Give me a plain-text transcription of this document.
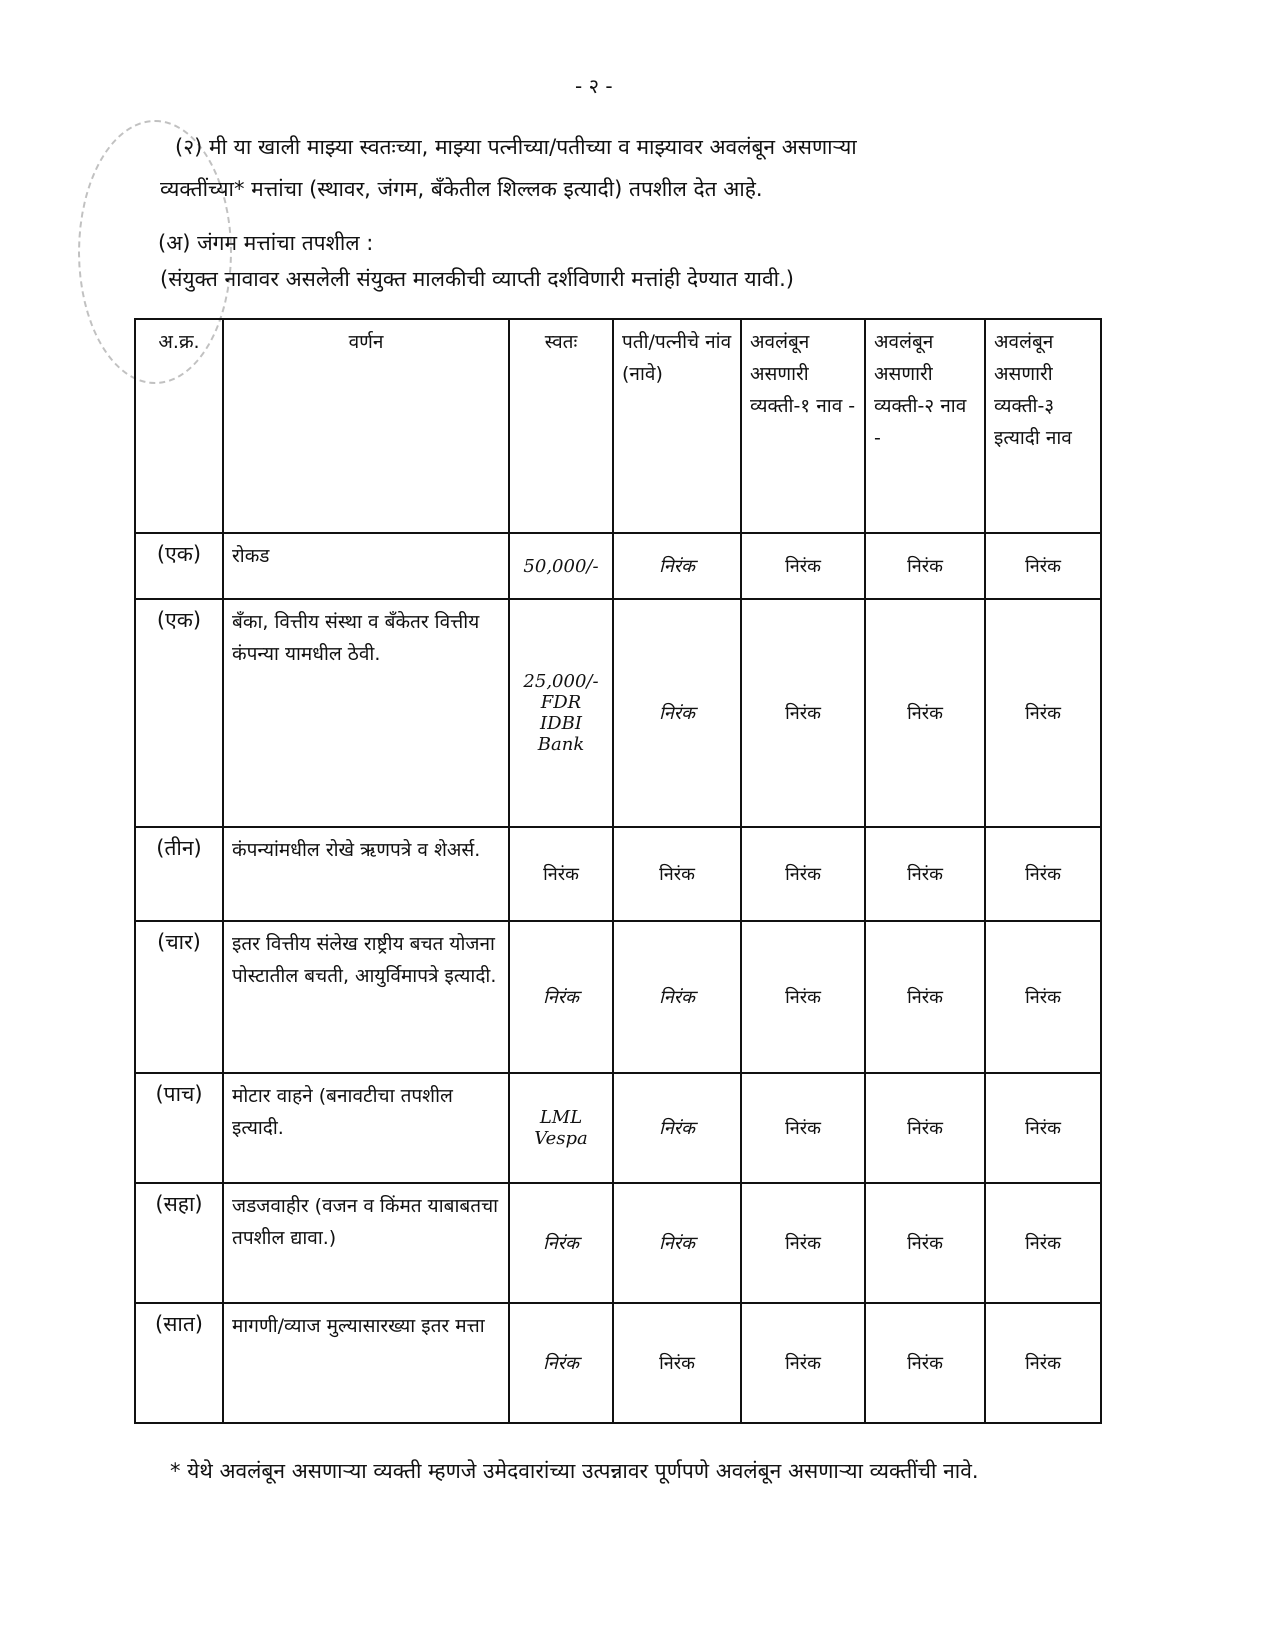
- २ -
(२) मी या खाली माझ्या स्वतःच्या, माझ्या पत्नीच्या/पतीच्या व माझ्यावर अवलंबून असणाऱ्या
व्यक्तींच्या* मत्तांचा (स्थावर, जंगम, बँकेतील शिल्लक इत्यादी) तपशील देत आहे.
(अ) जंगम मत्तांचा तपशील :
(संयुक्त नावावर असलेली संयुक्त मालकीची व्याप्ती दर्शविणारी मत्तांही देण्यात यावी.)
अ.क्र.	वर्णन	स्वतः	पती/पत्नीचे नांव (नावे)	अवलंबून असणारी व्यक्ती-१ नाव -	अवलंबून असणारी व्यक्ती-२ नाव -	अवलंबून असणारी व्यक्ती-३ इत्यादी नाव
(एक)	रोकड	50,000/-	निरंक	निरंक	निरंक	निरंक
(एक)	बँका, वित्तीय संस्था व बँकेतर वित्तीय कंपन्या यामधील ठेवी.	25,000/- FDR IDBI Bank	निरंक	निरंक	निरंक	निरंक
(तीन)	कंपन्यांमधील रोखे ऋणपत्रे व शेअर्स.	निरंक	निरंक	निरंक	निरंक	निरंक
(चार)	इतर वित्तीय संलेख राष्ट्रीय बचत योजना पोस्टातील बचती, आयुर्विमापत्रे इत्यादी.	निरंक	निरंक	निरंक	निरंक	निरंक
(पाच)	मोटार वाहने (बनावटीचा तपशील इत्यादी.	LML Vespa	निरंक	निरंक	निरंक	निरंक
(सहा)	जडजवाहीर (वजन व किंमत याबाबतचा तपशील द्यावा.)	निरंक	निरंक	निरंक	निरंक	निरंक
(सात)	मागणी/व्याज मुल्यासारख्या इतर मत्ता	निरंक	निरंक	निरंक	निरंक	निरंक
* येथे अवलंबून असणाऱ्या व्यक्ती म्हणजे उमेदवारांच्या उत्पन्नावर पूर्णपणे अवलंबून असणाऱ्या व्यक्तींची नावे.
